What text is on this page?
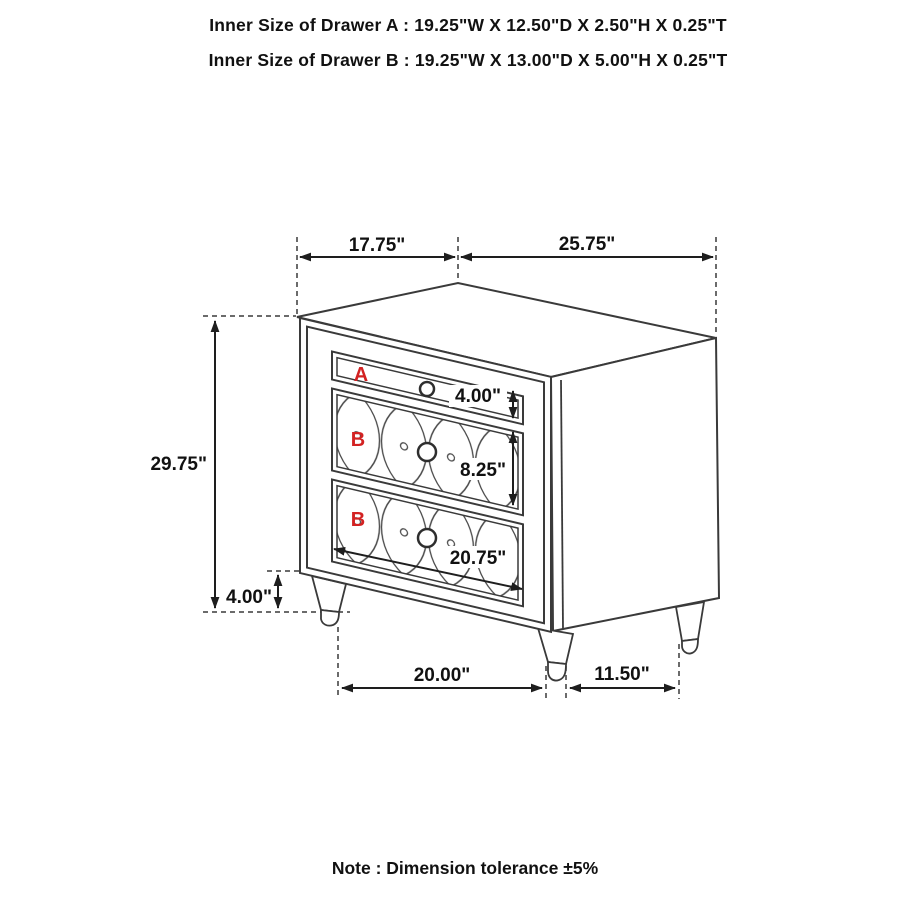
Inner Size of Drawer A : 19.25"W X 12.50"D X 2.50"H X 0.25"T
Inner Size of Drawer B : 19.25"W X 13.00"D X 5.00"H X 0.25"T
A
B
B
17.75"	25.75"
29.75"
4.00"
4.00"
8.25"
20.75"
20.00"	11.50"
Note : Dimension tolerance ±5%
